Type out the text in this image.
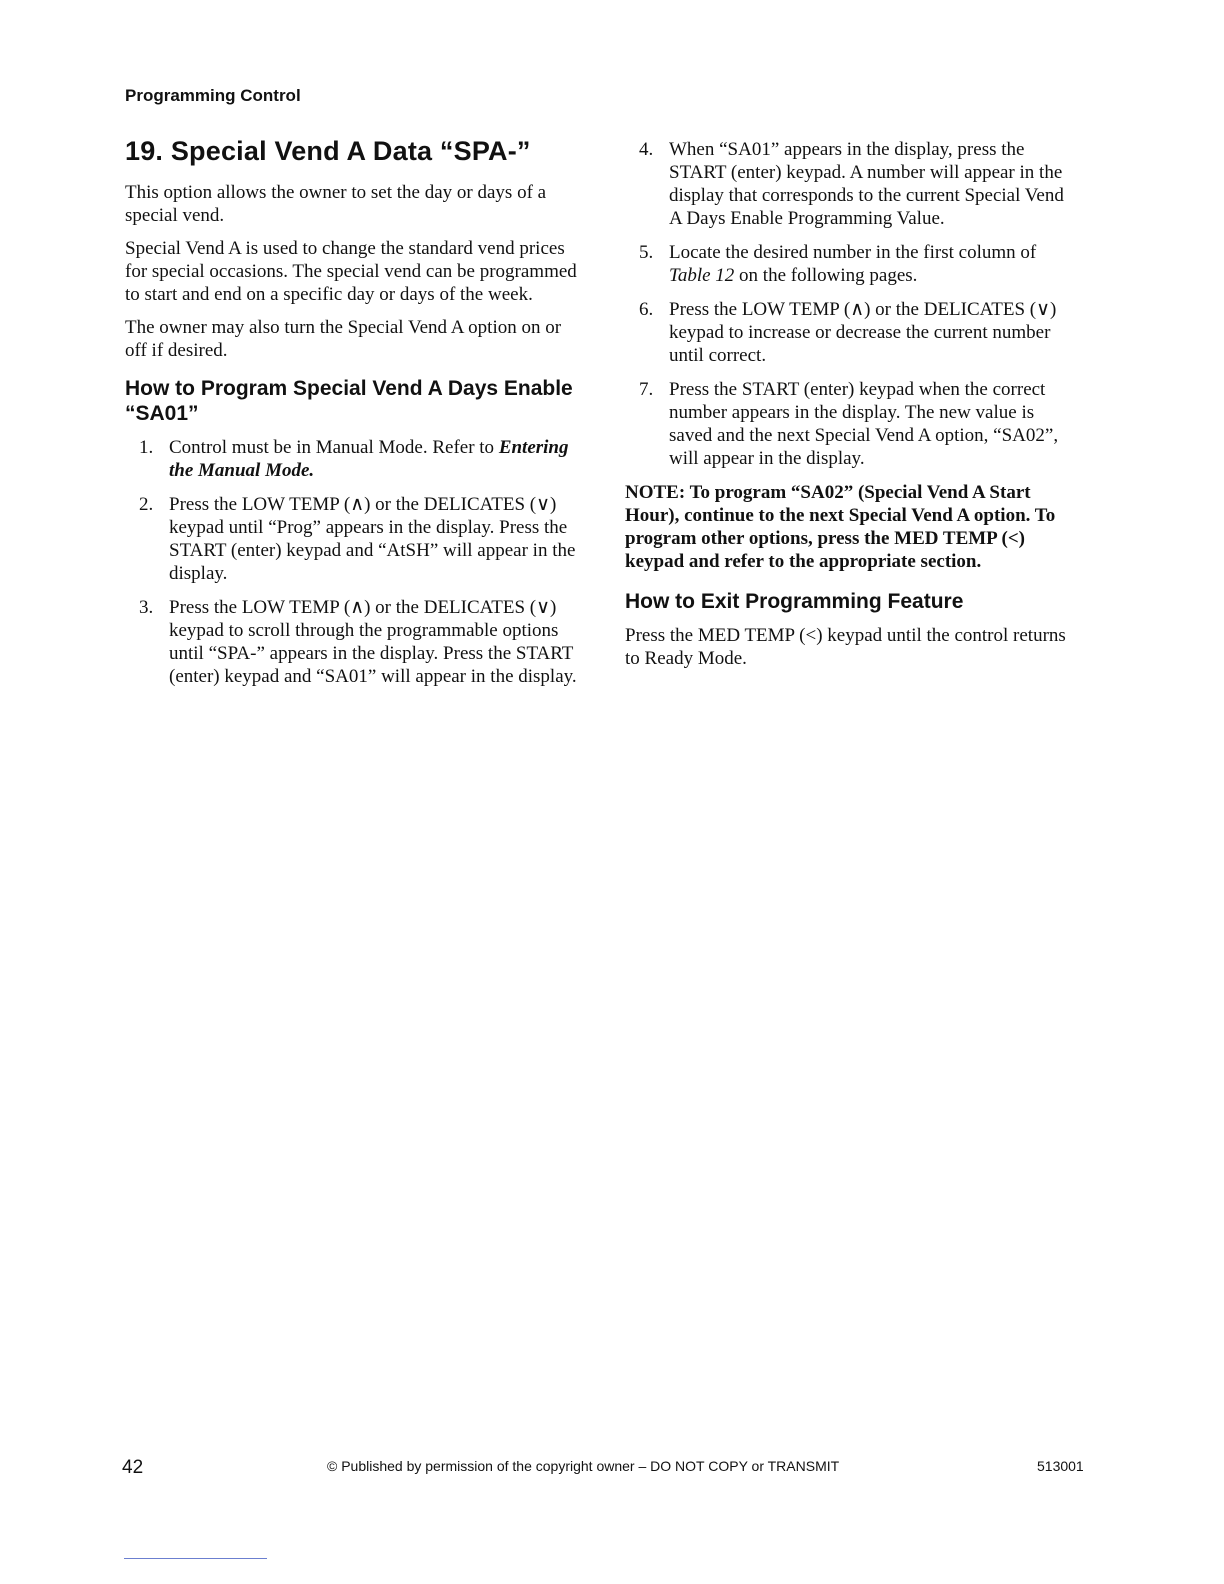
Programming Control
19. Special Vend A Data “SPA-”

This option allows the owner to set the day or days of a special vend.

Special Vend A is used to change the standard vend prices for special occasions. The special vend can be programmed to start and end on a specific day or days of the week.

The owner may also turn the Special Vend A option on or off if desired.

How to Program Special Vend A Days Enable “SA01”
1. Control must be in Manual Mode. Refer to Entering the Manual Mode.
2. Press the LOW TEMP (∧) or the DELICATES (∨) keypad until “Prog” appears in the display. Press the START (enter) keypad and “AtSH” will appear in the display.
3. Press the LOW TEMP (∧) or the DELICATES (∨) keypad to scroll through the programmable options until “SPA-” appears in the display. Press the START (enter) keypad and “SA01” will appear in the display.
4. When “SA01” appears in the display, press the START (enter) keypad. A number will appear in the display that corresponds to the current Special Vend A Days Enable Programming Value.
5. Locate the desired number in the first column of Table 12 on the following pages.
6. Press the LOW TEMP (∧) or the DELICATES (∨) keypad to increase or decrease the current number until correct.
7. Press the START (enter) keypad when the correct number appears in the display. The new value is saved and the next Special Vend A option, “SA02”, will appear in the display.
NOTE: To program “SA02” (Special Vend A Start Hour), continue to the next Special Vend A option. To program other options, press the MED TEMP (<) keypad and refer to the appropriate section.
How to Exit Programming Feature

Press the MED TEMP (<) keypad until the control returns to Ready Mode.

42	© Published by permission of the copyright owner – DO NOT COPY or TRANSMIT	513001
